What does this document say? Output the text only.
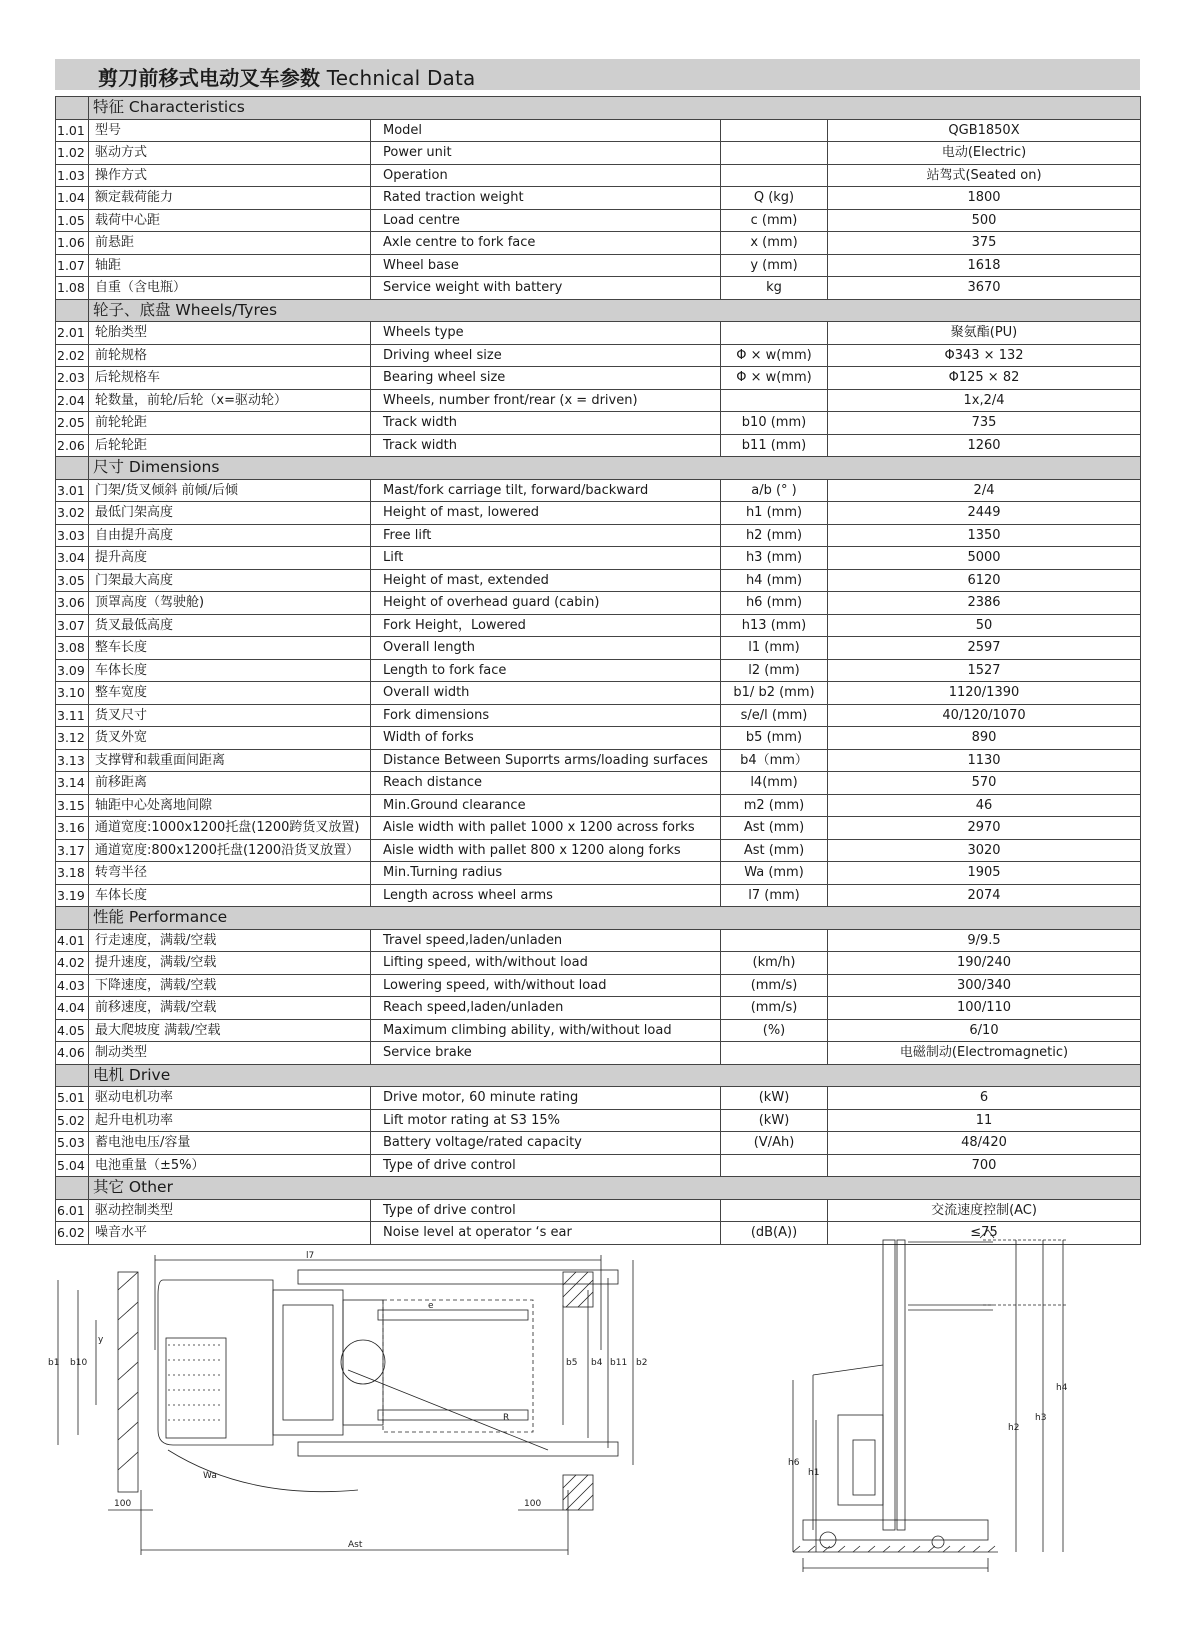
剪刀前移式电动叉车参数 Technical Data
	特征 Characteristics			
1.01	型号	Model		QGB1850X
1.02	驱动方式	Power unit		电动(Electric)
1.03	操作方式	Operation		站驾式(Seated on)
1.04	额定载荷能力	Rated traction weight	Q (kg)	1800
1.05	载荷中心距	Load centre	c (mm)	500
1.06	前悬距	Axle centre to fork face	x (mm)	375
1.07	轴距	Wheel base	y (mm)	1618
1.08	自重（含电瓶）	Service weight with battery	kg	3670
	轮子、底盘 Wheels/Tyres			
2.01	轮胎类型	Wheels type		聚氨酯(PU)
2.02	前轮规格	Driving wheel size	Φ × w(mm)	Φ343 × 132
2.03	后轮规格车	Bearing wheel size	Φ × w(mm)	Φ125 × 82
2.04	轮数量，前轮/后轮（x=驱动轮）	Wheels, number front/rear (x = driven)		1x,2/4
2.05	前轮轮距	Track width	b10 (mm)	735
2.06	后轮轮距	Track width	b11 (mm)	1260
	尺寸 Dimensions			
3.01	门架/货叉倾斜 前倾/后倾	Mast/fork carriage tilt, forward/backward	a/b (° )	2/4
3.02	最低门架高度	Height of mast, lowered	h1 (mm)	2449
3.03	自由提升高度	Free lift	h2 (mm)	1350
3.04	提升高度	Lift	h3 (mm)	5000
3.05	门架最大高度	Height of mast, extended	h4 (mm)	6120
3.06	顶罩高度（驾驶舱)	Height of overhead guard (cabin)	h6 (mm)	2386
3.07	货叉最低高度	Fork Height，Lowered	h13 (mm)	50
3.08	整车长度	Overall length	l1 (mm)	2597
3.09	车体长度	Length to fork face	l2 (mm)	1527
3.10	整车宽度	Overall width	b1/ b2 (mm)	1120/1390
3.11	货叉尺寸	Fork dimensions	s/e/l (mm)	40/120/1070
3.12	货叉外宽	Width of forks	b5 (mm)	890
3.13	支撑臂和载重面间距离	Distance Between Suporrts arms/loading surfaces	b4（mm）	1130
3.14	前移距离	Reach distance	l4(mm)	570
3.15	轴距中心处离地间隙	Min.Ground clearance	m2 (mm)	46
3.16	通道宽度:1000x1200托盘(1200跨货叉放置)	Aisle width with pallet 1000 x 1200 across forks	Ast (mm)	2970
3.17	通道宽度:800x1200托盘(1200沿货叉放置）	Aisle width with pallet 800 x 1200 along forks	Ast (mm)	3020
3.18	转弯半径	Min.Turning radius	Wa (mm)	1905
3.19	车体长度	Length across wheel arms	l7 (mm)	2074
	性能 Performance			
4.01	行走速度，满载/空载	Travel speed,laden/unladen		9/9.5
4.02	提升速度，满载/空载	Lifting speed, with/without load	(km/h)	190/240
4.03	下降速度，满载/空载	Lowering speed, with/without load	(mm/s)	300/340
4.04	前移速度，满载/空载	Reach speed,laden/unladen	(mm/s)	100/110
4.05	最大爬坡度 满载/空载	Maximum climbing ability, with/without load	(%)	6/10
4.06	制动类型	Service brake		电磁制动(Electromagnetic)
	电机 Drive			
5.01	驱动电机功率	Drive motor, 60 minute rating	(kW)	6
5.02	起升电机功率	Lift motor rating at S3 15%	(kW)	11
5.03	蓄电池电压/容量	Battery voltage/rated capacity	(V/Ah)	48/420
5.04	电池重量（±5%）	Type of drive control		700
	其它 Other			
6.01	驱动控制类型	Type of drive control		交流速度控制(AC)
6.02	噪音水平	Noise level at operator ‘s ear	(dB(A))	≤75
l7
b1 b10
y
e
b5 b4 b11 b2
R
Wa
100	100
Ast
h6
h1
h2
h3
h4
